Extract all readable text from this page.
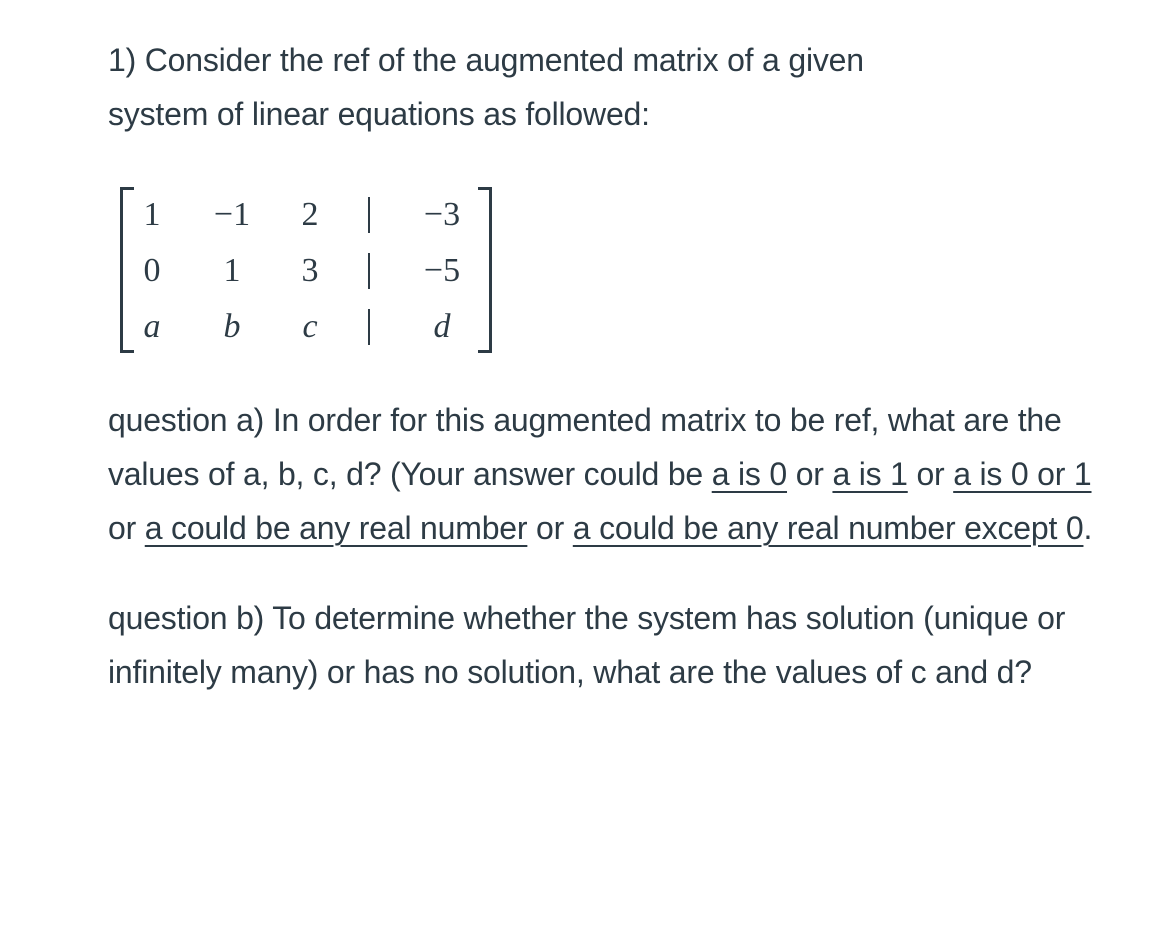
1) Consider the ref of the augmented matrix of a given
system of linear equations as followed:

1	−1	2	−3
0	1	3	−5
a	b	c	d

question a) In order for this augmented matrix to be ref, what are the values of a, b, c, d? (Your answer could be a is 0 or a is 1 or a is 0 or 1 or a could be any real number or a could be any real number except 0.

question b) To determine whether the system has solution (unique or infinitely many) or has no solution, what are the values of c and d?
